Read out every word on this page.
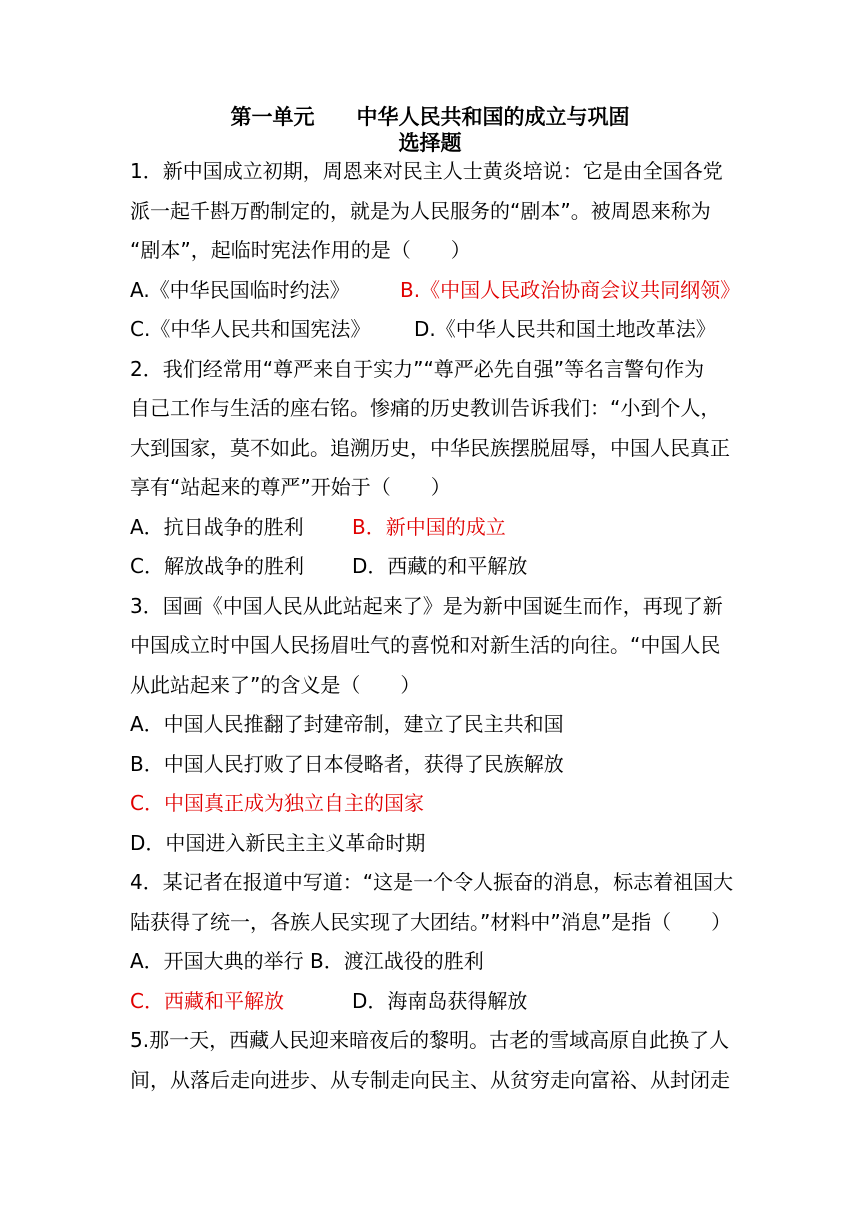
第一单元　　中华人民共和国的成立与巩固
选择题
1．新中国成立初期，周恩来对民主人士黄炎培说：它是由全国各党
派一起千斟万酌制定的，就是为人民服务的“剧本”。被周恩来称为
“剧本”，起临时宪法作用的是（　　）
A.《中华民国临时约法》	B.《中国人民政治协商会议共同纲领》
C.《中华人民共和国宪法》 D.《中华人民共和国土地改革法》
2．我们经常用“尊严来自于实力”“尊严必先自强”等名言警句作为
自己工作与生活的座右铭。惨痛的历史教训告诉我们：“小到个人，
大到国家，莫不如此。追溯历史，中华民族摆脱屈辱，中国人民真正
享有“站起来的尊严”开始于（　　）
A．抗日战争的胜利 B．新中国的成立
C．解放战争的胜利 D．西藏的和平解放
3．国画《中国人民从此站起来了》是为新中国诞生而作，再现了新
中国成立时中国人民扬眉吐气的喜悦和对新生活的向往。“中国人民
从此站起来了”的含义是（　　）
A．中国人民推翻了封建帝制，建立了民主共和国
B．中国人民打败了日本侵略者，获得了民族解放
C．中国真正成为独立自主的国家
D．中国进入新民主主义革命时期
4．某记者在报道中写道：“这是一个令人振奋的消息，标志着祖国大
陆获得了统一，各族人民实现了大团结。”材料中”消息”是指（　　）
A．开国大典的举行 B．渡江战役的胜利
C．西藏和平解放	D．海南岛获得解放
5.那一天，西藏人民迎来暗夜后的黎明。古老的雪域高原自此换了人
间，从落后走向进步、从专制走向民主、从贫穷走向富裕、从封闭走
